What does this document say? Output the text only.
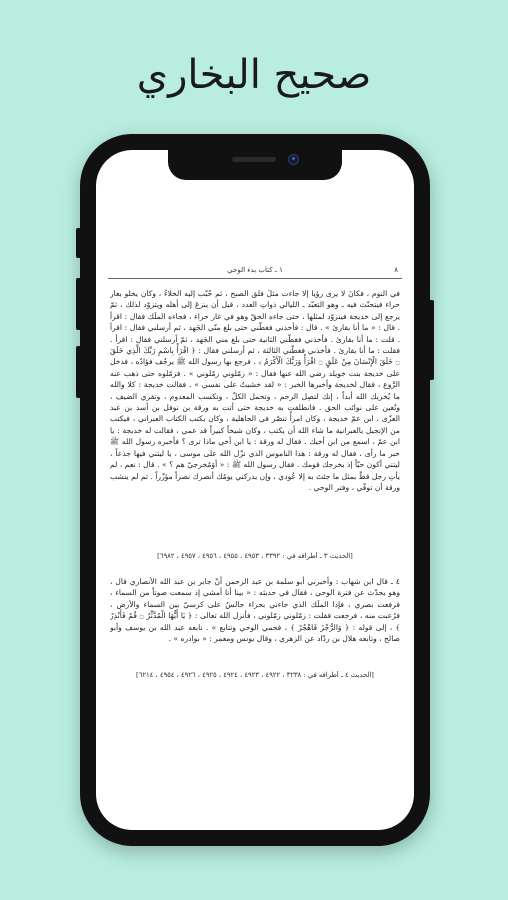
صحيح البخاري
٨
١ ـ كتاب بدء الوحي
في النوم ، فكانَ لا يرى رؤيا إلا جاءت مثلَ فلق الصبح ، ثم حُبّب إليه الخلاءُ ، وكان يخلو بغار حراء فيتحنّث فيه ـ وهو التعبّد ـ الليالي ذواتِ العدد ، قبل أن ينزعَ إلى أهله ويتزوّد لذلك ، ثمّ يرجع إلى خديجة فيتزوّد لمثلها ، حتى جاءه الحقّ وهو في غار حراء ، فجاءه الملَك فقال : اقرأ . قال : « ما أنا بقارئ » . قال : فأخذني فغطّني حتى بلغ منّي الجَهد ، ثم أرسلني فقال : اقرأ . قلت : ما أنا بقارئ . فأخذني فغطّني الثانية حتى بلغ مني الجَهد ، ثمّ أرسلني فقال : اقرأ . فقلت : ما أنا بقارئ . فأخذني فغطّني الثالثة ، ثم أرسلني فقال : ﴿ اقْرَأْ بِاسْمِ رَبِّكَ الَّذِي خَلَقَ ۝ خَلَقَ الْإِنْسَانَ مِنْ عَلَقٍ ۝ اقْرَأْ وَرَبُّكَ الْأَكْرَمُ ﴾ . فرجع بها رسول الله ﷺ يرجُف فؤادُه ، فدخل على خديجة بنت خويلد رضي الله عنها فقال : « زمّلوني زمّلوني » . فزمّلوه حتى ذهب عنه الرَّوع ، فقال لخديجة وأخبرها الخبر : « لقد خشيتُ على نفسي » . فقالت خديجة : كلا والله ما يُخزيك الله أبداً ، إنك لتصِل الرحم ، وتحمل الكلّ ، وتكسب المعدوم ، وتقري الضيف ، وتُعين على نوائب الحق . فانطلقت به خديجة حتى أتت به ورقة بن نوفل بن أسد بن عبد العزّى ، ابن عمّ خديجة ، وكان امرأً تنصّر في الجاهلية ، وكان يكتب الكتاب العبراني ، فيكتب من الإنجيل بالعبرانية ما شاء الله أن يكتب ، وكان شيخاً كبيراً قد عمي ، فقالت له خديجة : يا ابن عمّ ، اسمع من ابن أخيك . فقال له ورقة : يا ابن أخي ماذا ترى ؟ فأخبره رسول الله ﷺ خبر ما رأى ، فقال له ورقة : هذا الناموس الذي نزّل الله على موسى ، يا ليتني فيها جذعاً ، ليتني أكون حيّاً إذ يخرجك قومك . فقال رسول الله ﷺ : « أوَمُخرجيّ هم ؟ » . قال : نعم ، لم يأتِ رجل قطّ بمثل ما جئتَ به إلا عُودي ، وإن يدركني يومُك أنصرك نصراً مؤزّراً . ثم لم ينشب ورقة أن توفّي ، وفتر الوحي .
[الحديث ٣ ـ أطرافه في : ٣٣٩٢ ، ٤٩٥٣ ، ٤٩٥٥ ، ٤٩٥٦ ، ٤٩٥٧ ، ٦٩٨٢]
٤ ـ قال ابن شهاب : وأخبرني أبو سلمة بن عبد الرحمن أنّ جابر بن عبد الله الأنصاري قال ، وهو يحدّث عن فترة الوحي ، فقال في حديثه : « بينا أنا أمشي إذ سمعت صوتاً من السماء ، فرفعت بصري ، فإذا الملَك الذي جاءني بحراء جالسٌ على كرسيّ بين السماء والأرض ، فرُعبت منه ، فرجعت فقلت : زمّلوني زمّلوني ، فأنزل الله تعالى : ﴿ يَا أَيُّهَا الْمُدَّثِّرُ ۝ قُمْ فَأَنْذِرْ ﴾ ، إلى قوله : ﴿ وَالرُّجْزَ فَاهْجُرْ ﴾ ، فحمي الوحي وتتابع » . تابعه عبد الله بن يوسف وأبو صالح ، وتابعه هلال بن ردّاد عن الزهري ، وقال يونس ومعمر : « بوادره » .
[الحديث ٤ ـ أطرافه في : ٣٢٣٨ ، ٤٩٢٢ ، ٤٩٢٣ ، ٤٩٢٤ ، ٤٩٢٥ ، ٤٩٢٦ ، ٤٩٥٤ ، ٦٢١٤]
